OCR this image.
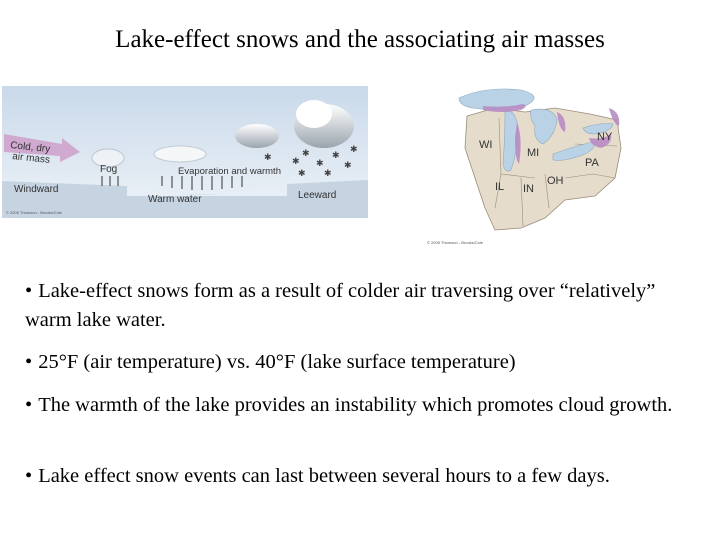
Lake-effect snows and the associating air masses
Cold, dry
air mass
Fog
✱ ✱
✱
✱
✱
✱
✱
✱
✱
Evaporation and warmth
Windward
Warm water	Leeward
© 2005 Thomson - Brooks/Cole
WI
MI
NY
PA
OH
IL IN
© 2005 Thomson - Brooks/Cole
• Lake-effect snows form as a result of colder air traversing over “relatively” warm lake water.
• 25°F (air temperature) vs. 40°F (lake surface temperature)
• The warmth of the lake provides an instability which promotes cloud growth.
• Lake effect snow events can last between several hours to a few days.
